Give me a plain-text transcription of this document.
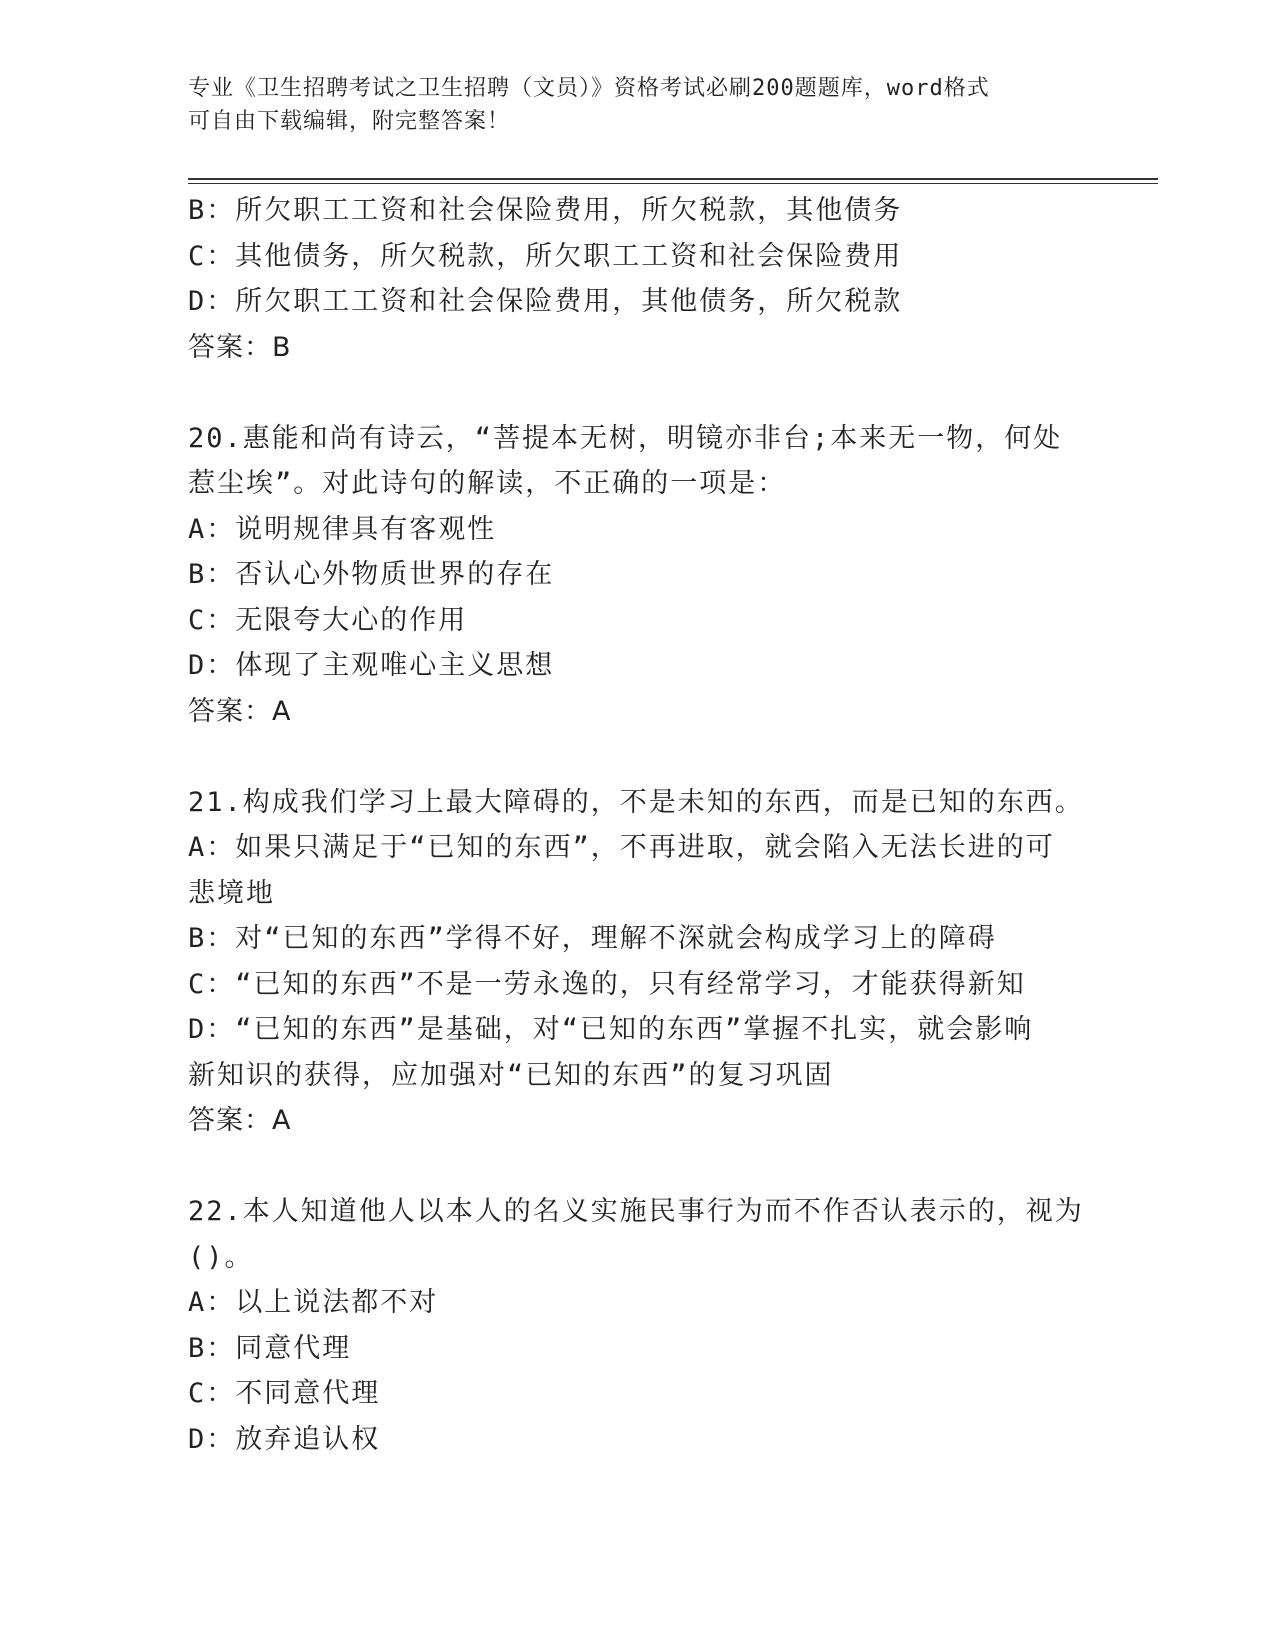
专业《卫生招聘考试之卫生招聘（文员）》资格考试必刷200题题库，word格式
可自由下载编辑，附完整答案！
B：所欠职工工资和社会保险费用，所欠税款，其他债务
C：其他债务，所欠税款，所欠职工工资和社会保险费用
D：所欠职工工资和社会保险费用，其他债务，所欠税款
答案：B
20.惠能和尚有诗云，“菩提本无树，明镜亦非台;本来无一物，何处
惹尘埃”。对此诗句的解读，不正确的一项是：
A：说明规律具有客观性
B：否认心外物质世界的存在
C：无限夸大心的作用
D：体现了主观唯心主义思想
答案：A
21.构成我们学习上最大障碍的，不是未知的东西，而是已知的东西。
A：如果只满足于“已知的东西”，不再进取，就会陷入无法长进的可
悲境地
B：对“已知的东西”学得不好，理解不深就会构成学习上的障碍
C：“已知的东西”不是一劳永逸的，只有经常学习，才能获得新知
D：“已知的东西”是基础，对“已知的东西”掌握不扎实，就会影响
新知识的获得，应加强对“已知的东西”的复习巩固
答案：A
22.本人知道他人以本人的名义实施民事行为而不作否认表示的，视为
()。
A：以上说法都不对
B：同意代理
C：不同意代理
D：放弃追认权
